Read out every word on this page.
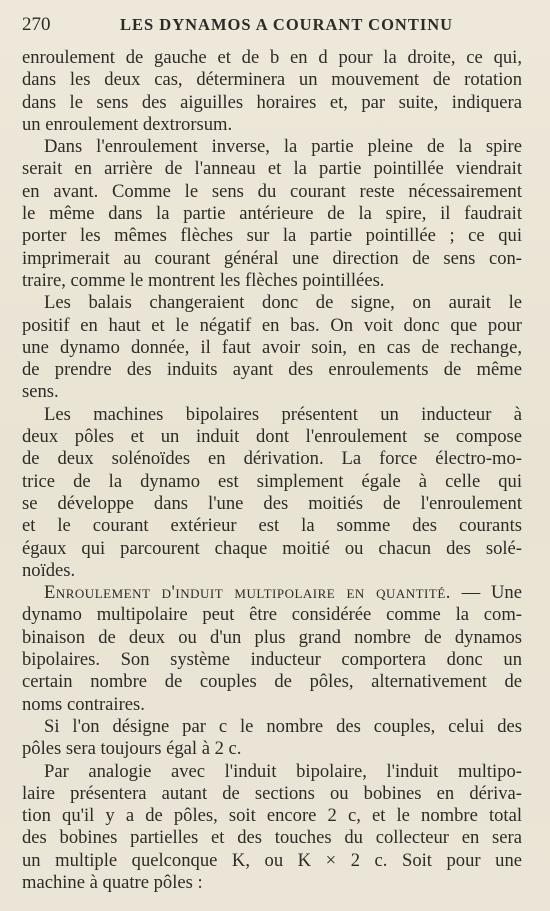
270	LES DYNAMOS A COURANT CONTINU
enroulement de gauche et de b en d pour la droite, ce qui,
dans les deux cas, déterminera un mouvement de rotation
dans le sens des aiguilles horaires et, par suite, indiquera
un enroulement dextrorsum.
Dans l'enroulement inverse, la partie pleine de la spire
serait en arrière de l'anneau et la partie pointillée viendrait
en avant. Comme le sens du courant reste nécessairement
le même dans la partie antérieure de la spire, il faudrait
porter les mêmes flèches sur la partie pointillée ; ce qui
imprimerait au courant général une direction de sens con-
traire, comme le montrent les flèches pointillées.
Les balais changeraient donc de signe, on aurait le
positif en haut et le négatif en bas. On voit donc que pour
une dynamo donnée, il faut avoir soin, en cas de rechange,
de prendre des induits ayant des enroulements de même
sens.
Les machines bipolaires présentent un inducteur à
deux pôles et un induit dont l'enroulement se compose
de deux solénoïdes en dérivation. La force électro-mo-
trice de la dynamo est simplement égale à celle qui
se développe dans l'une des moitiés de l'enroulement
et le courant extérieur est la somme des courants
égaux qui parcourent chaque moitié ou chacun des solé-
noïdes.
Enroulement d'induit multipolaire en quantité. — Une
dynamo multipolaire peut être considérée comme la com-
binaison de deux ou d'un plus grand nombre de dynamos
bipolaires. Son système inducteur comportera donc un
certain nombre de couples de pôles, alternativement de
noms contraires.
Si l'on désigne par c le nombre des couples, celui des
pôles sera toujours égal à 2 c.
Par analogie avec l'induit bipolaire, l'induit multipo-
laire présentera autant de sections ou bobines en dériva-
tion qu'il y a de pôles, soit encore 2 c, et le nombre total
des bobines partielles et des touches du collecteur en sera
un multiple quelconque K, ou K × 2 c. Soit pour une
machine à quatre pôles :
